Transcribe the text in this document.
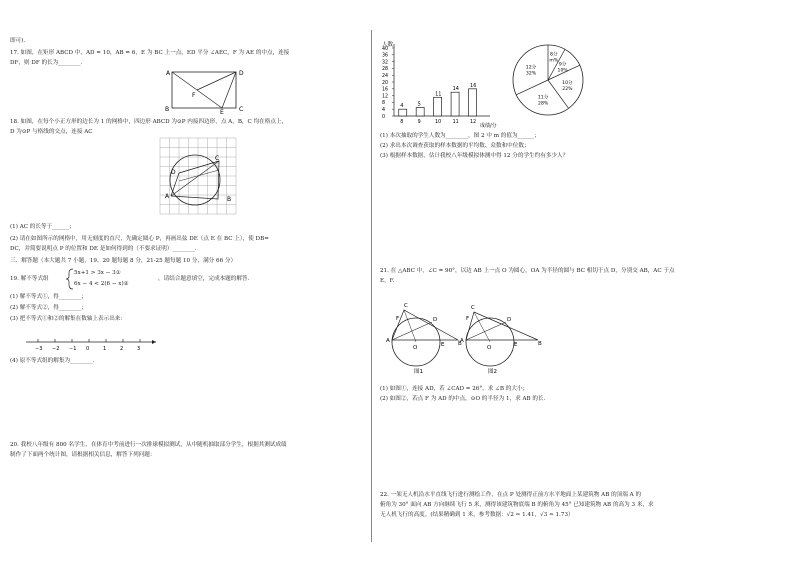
即可).
17. 如图，在矩形 ABCD 中，AD = 10，AB = 6，E 为 BC 上一点，ED 平分 ∠AEC，F 为 AE 的中点，连接
DF，则 DF 的长为________.
A	D
B	C
E
F
18. 如图，在每个小正方形的边长为 1 的网格中，四边形 ABCD 为⊙P 内接四边形，点 A，B，C 均在格点上，
D 为⊙P 与格线的交点，连接 AC
A	B
C
D
(1) AC 的长等于______；
(2) 请在如图所示的网格中，用无刻度的直尺，先确定圆心 P，再画出弦 DE（点 E 在 BC 上），使 DB=
DC，并简要说明点 P 的位置和 DE 是如何得到的（不要求证明）________.
三、解答题（本大题共 7 小题，19、20 题每题 8 分，21-25 题每题 10 分，满分 66 分）
19. 解不等式组
5x+1 > 3x − 3①
6x − 4 < 2(6 − x)②
，请结合题意填空，完成本题的解答.
(1) 解不等式①，得________；
(2) 解不等式②，得________；
(3) 把不等式①和②的解集在数轴上表示出来：
−3 −2 −1 0	1	2	3
(4) 原不等式组的解集为________.
20. 我校八年级有 800 名学生，在体育中考前进行一次排球模拟测试，从中随机抽取部分学生，根据其测试成绩
制作了下面两个统计图，请根据相关信息，解答下列问题：
人数
0
4
8
12
16
20
24
28
32
36
40
4	5
11
14
16
8	9	10 11 12
成绩/分
8分
m%
9分
10%
10分
22%
11分
28%
12分
32%
(1) 本次抽取的学生人数为________，图 2 中 m 的值为______；
(2) 求出本次调查获取的样本数据的平均数、众数和中位数；
(3) 根据样本数据，估计我校八年级模拟体测中得 12 分的学生约有多少人？
21. 在 △ABC 中，∠C = 90°，以边 AB 上一点 O 为圆心，OA 为半径的圆与 BC 相切于点 D，分别交 AB，AC 于点
E，F.
A	B
C
D
E
O
F
图1
A	B
C
D
E
O
F
图2
(1) 如图①，连接 AD，若 ∠CAD = 26°，求 ∠B 的大小；
(2) 如图②，若点 F 为 AD 的中点，⊙O 的半径为 1，求 AB 的长.
22. 一架无人机沿水平直线飞行进行测绘工作，在点 P 处测得正前方水平地面上某建筑物 AB 的顶端 A 的
俯角为 30° 面向 AB 方向继续飞行 5 米，测得该建筑物底端 B 的俯角为 45° 已知建筑物 AB 的高为 3 米，求
无人机飞行的高度。(结果精确到 1 米，参考数据：√2 ≈ 1.41，√3 ≈ 1.73）
